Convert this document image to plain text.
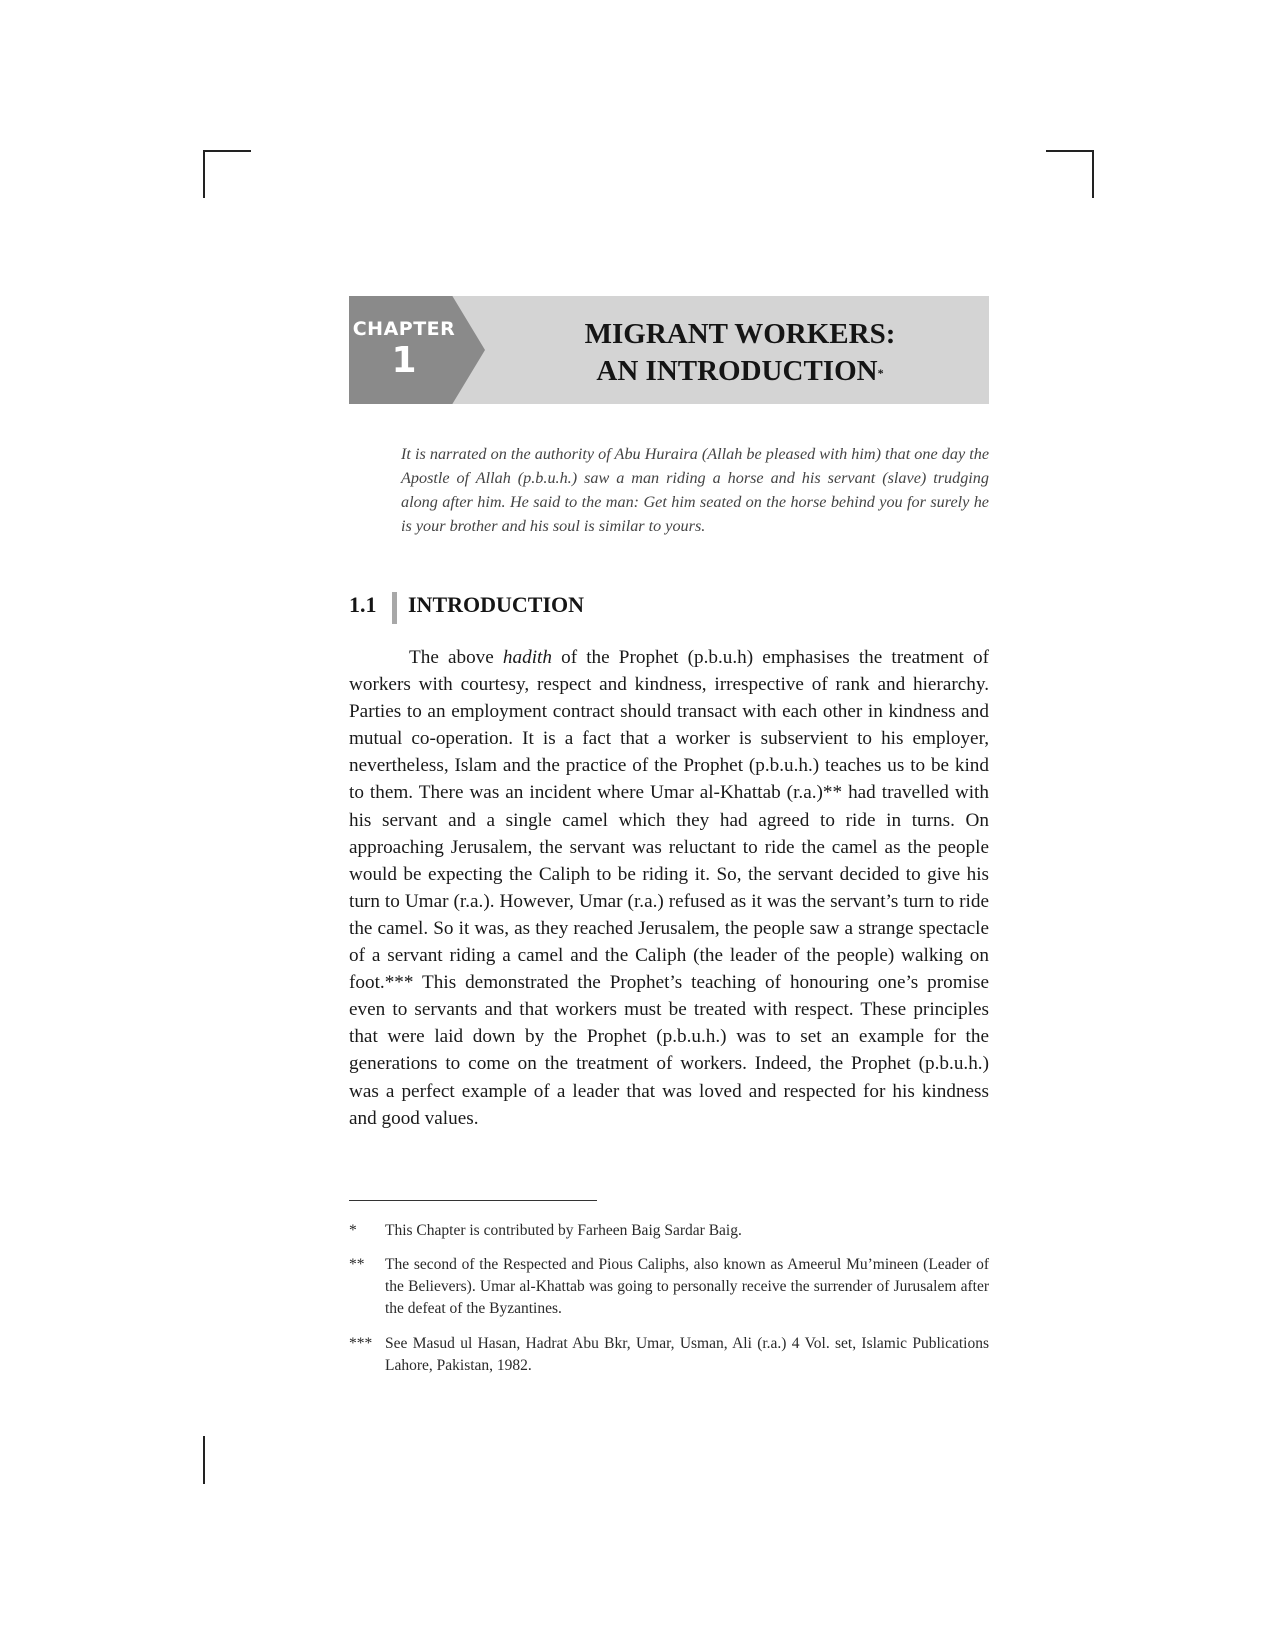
CHAPTER
1
MIGRANT WORKERS:
AN INTRODUCTION*
It is narrated on the authority of Abu Huraira (Allah be pleased with him) that one day the Apostle of Allah (p.b.u.h.) saw a man riding a horse and his servant (slave) trudging along after him. He said to the man: Get him seated on the horse behind you for surely he is your brother and his soul is similar to yours.
1.1 INTRODUCTION

The above hadith of the Prophet (p.b.u.h) emphasises the treatment of workers with courtesy, respect and kindness, irrespective of rank and hierarchy. Parties to an employment contract should transact with each other in kindness and mutual co-operation. It is a fact that a worker is subservient to his employer, nevertheless, Islam and the practice of the Prophet (p.b.u.h.) teaches us to be kind to them. There was an incident where Umar al-Khattab (r.a.)** had travelled with his servant and a single camel which they had agreed to ride in turns. On approaching Jerusalem, the servant was reluctant to ride the camel as the people would be expecting the Caliph to be riding it. So, the servant decided to give his turn to Umar (r.a.). However, Umar (r.a.) refused as it was the servant’s turn to ride the camel. So it was, as they reached Jerusalem, the people saw a strange spectacle of a servant riding a camel and the Caliph (the leader of the people) walking on foot.*** This demonstrated the Prophet’s teaching of honouring one’s promise even to servants and that workers must be treated with respect. These principles that were laid down by the Prophet (p.b.u.h.) was to set an example for the generations to come on the treatment of workers. Indeed, the Prophet (p.b.u.h.) was a perfect example of a leader that was loved and respected for his kindness and good values.

*	This Chapter is contributed by Farheen Baig Sardar Baig.
**	The second of the Respected and Pious Caliphs, also known as Ameerul Mu’mineen (Leader of the Believers). Umar al-Khattab was going to personally receive the surrender of Jurusalem after the defeat of the Byzantines.
*** See Masud ul Hasan, Hadrat Abu Bkr, Umar, Usman, Ali (r.a.) 4 Vol. set, Islamic Publications Lahore, Pakistan, 1982.
